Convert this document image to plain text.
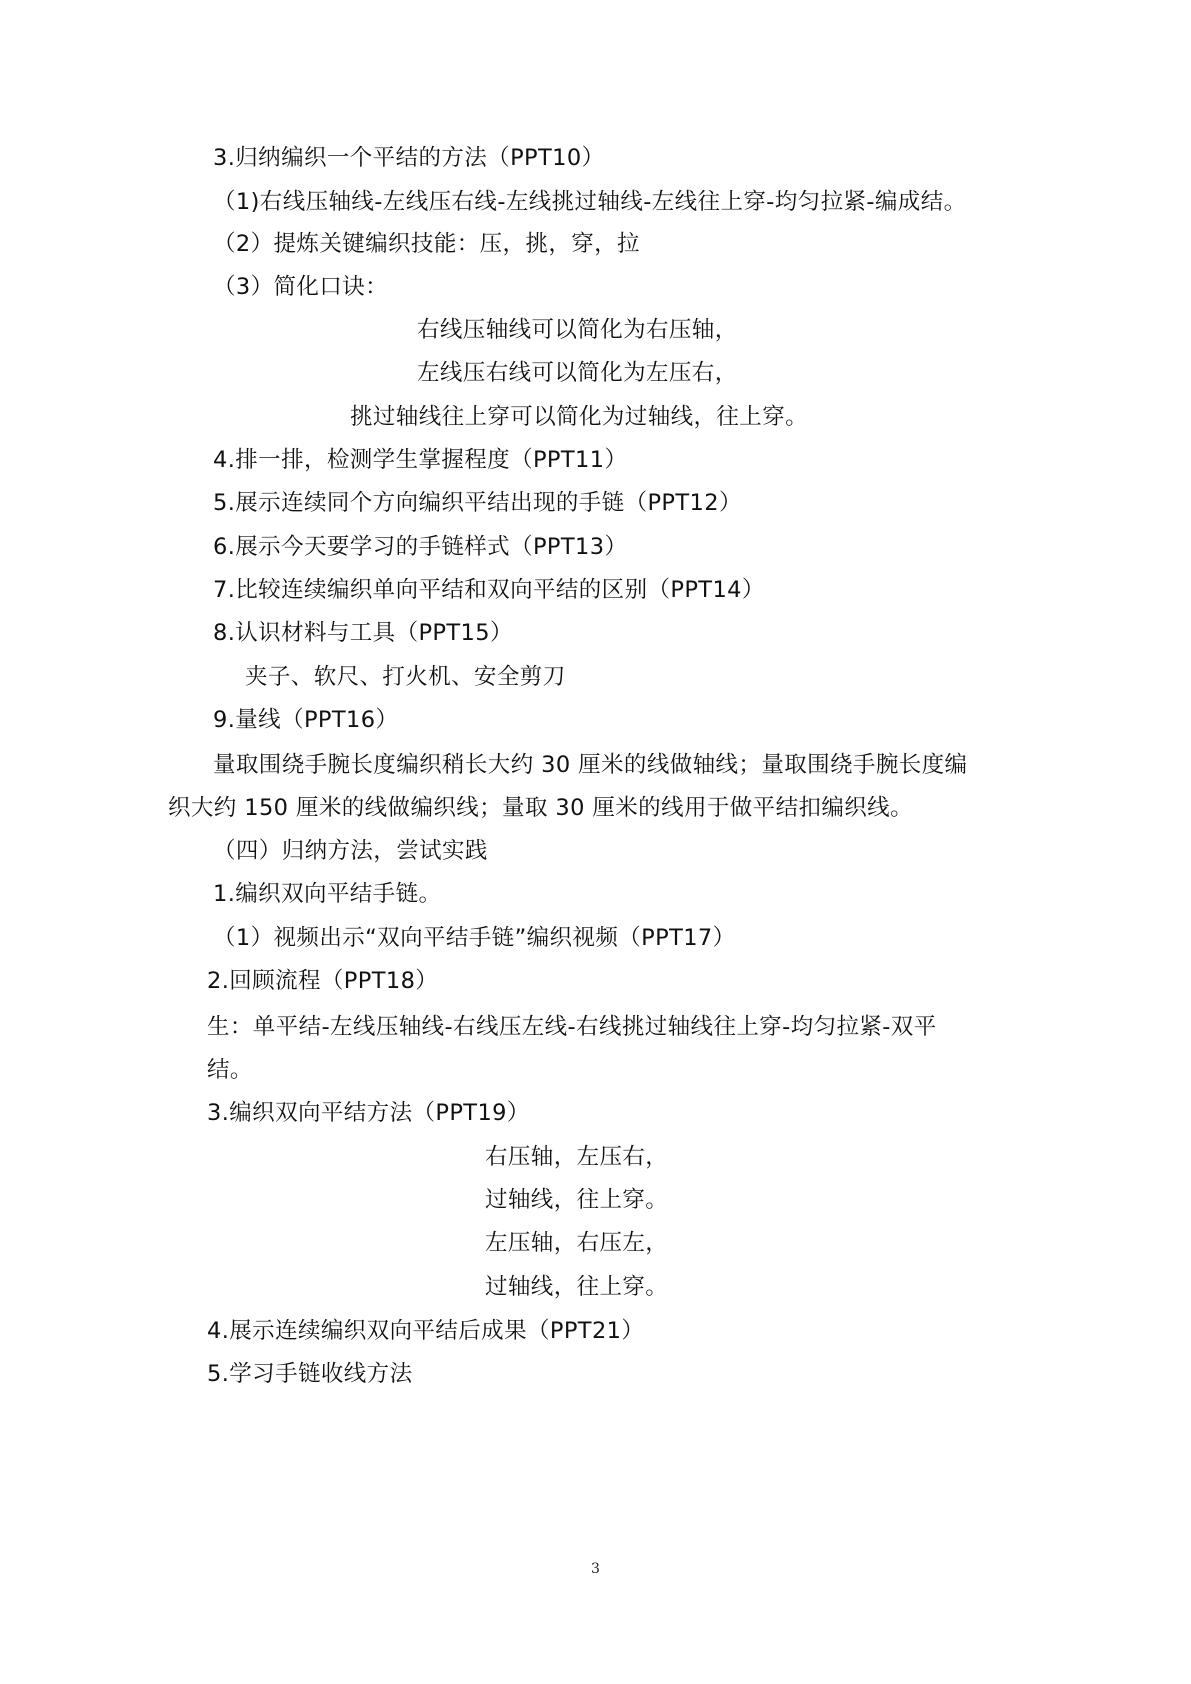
3.归纳编织一个平结的方法（PPT10）
（1)右线压轴线-左线压右线-左线挑过轴线-左线往上穿-均匀拉紧-编成结。
（2）提炼关键编织技能：压，挑，穿，拉
（3）简化口诀：
右线压轴线可以简化为右压轴，
左线压右线可以简化为左压右，
挑过轴线往上穿可以简化为过轴线，往上穿。
4.排一排，检测学生掌握程度（PPT11）
5.展示连续同个方向编织平结出现的手链（PPT12）
6.展示今天要学习的手链样式（PPT13）
7.比较连续编织单向平结和双向平结的区别（PPT14）
8.认识材料与工具（PPT15）
夹子、软尺、打火机、安全剪刀
9.量线（PPT16）
量取围绕手腕长度编织稍长大约 30 厘米的线做轴线；量取围绕手腕长度编
织大约 150 厘米的线做编织线；量取 30 厘米的线用于做平结扣编织线。
（四）归纳方法，尝试实践
1.编织双向平结手链。
（1）视频出示“双向平结手链”编织视频（PPT17）
2.回顾流程（PPT18）
生：单平结-左线压轴线-右线压左线-右线挑过轴线往上穿-均匀拉紧-双平
结。
3.编织双向平结方法（PPT19）
右压轴，左压右，
过轴线，往上穿。
左压轴，右压左，
过轴线，往上穿。
4.展示连续编织双向平结后成果（PPT21）
5.学习手链收线方法
3
